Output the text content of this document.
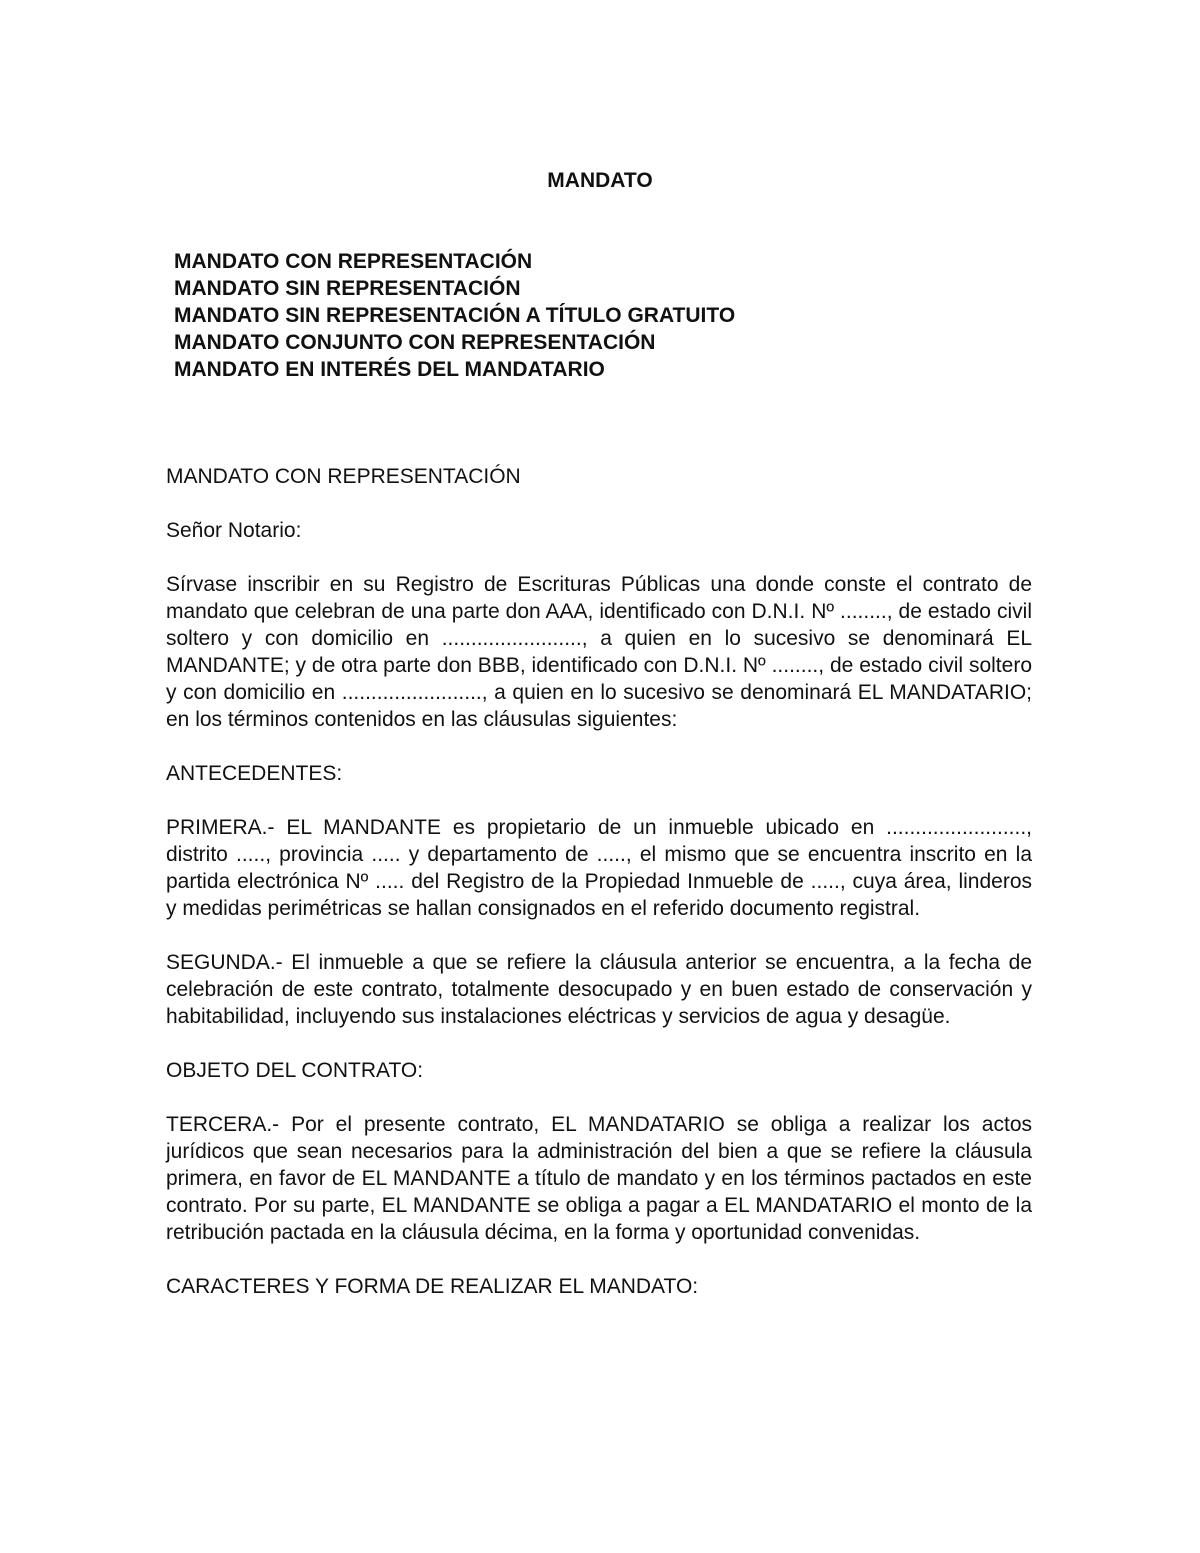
MANDATO
MANDATO CON REPRESENTACIÓN
MANDATO SIN REPRESENTACIÓN
MANDATO SIN REPRESENTACIÓN A TÍTULO GRATUITO
MANDATO CONJUNTO CON REPRESENTACIÓN
MANDATO EN INTERÉS DEL MANDATARIO

MANDATO CON REPRESENTACIÓN

Señor Notario:

Sírvase inscribir en su Registro de Escrituras Públicas una donde conste el contrato de mandato que celebran de una parte don AAA, identificado con D.N.I. Nº ........, de estado civil soltero y con domicilio en ........................, a quien en lo sucesivo se denominará EL MANDANTE; y de otra parte don BBB, identificado con D.N.I. Nº ........, de estado civil soltero y con domicilio en ........................, a quien en lo sucesivo se denominará EL MANDATARIO; en los términos contenidos en las cláusulas siguientes:

ANTECEDENTES:

PRIMERA.- EL MANDANTE es propietario de un inmueble ubicado en ........................, distrito ....., provincia ..... y departamento de ....., el mismo que se encuentra inscrito en la partida electrónica Nº ..... del Registro de la Propiedad Inmueble de ....., cuya área, linderos y medidas perimétricas se hallan consignados en el referido documento registral.

SEGUNDA.- El inmueble a que se refiere la cláusula anterior se encuentra, a la fecha de celebración de este contrato, totalmente desocupado y en buen estado de conservación y habitabilidad, incluyendo sus instalaciones eléctricas y servicios de agua y desagüe.

OBJETO DEL CONTRATO:

TERCERA.- Por el presente contrato, EL MANDATARIO se obliga a realizar los actos jurídicos que sean necesarios para la administración del bien a que se refiere la cláusula primera, en favor de EL MANDANTE a título de mandato y en los términos pactados en este contrato. Por su parte, EL MANDANTE se obliga a pagar a EL MANDATARIO el monto de la retribución pactada en la cláusula décima, en la forma y oportunidad convenidas.

CARACTERES Y FORMA DE REALIZAR EL MANDATO:
